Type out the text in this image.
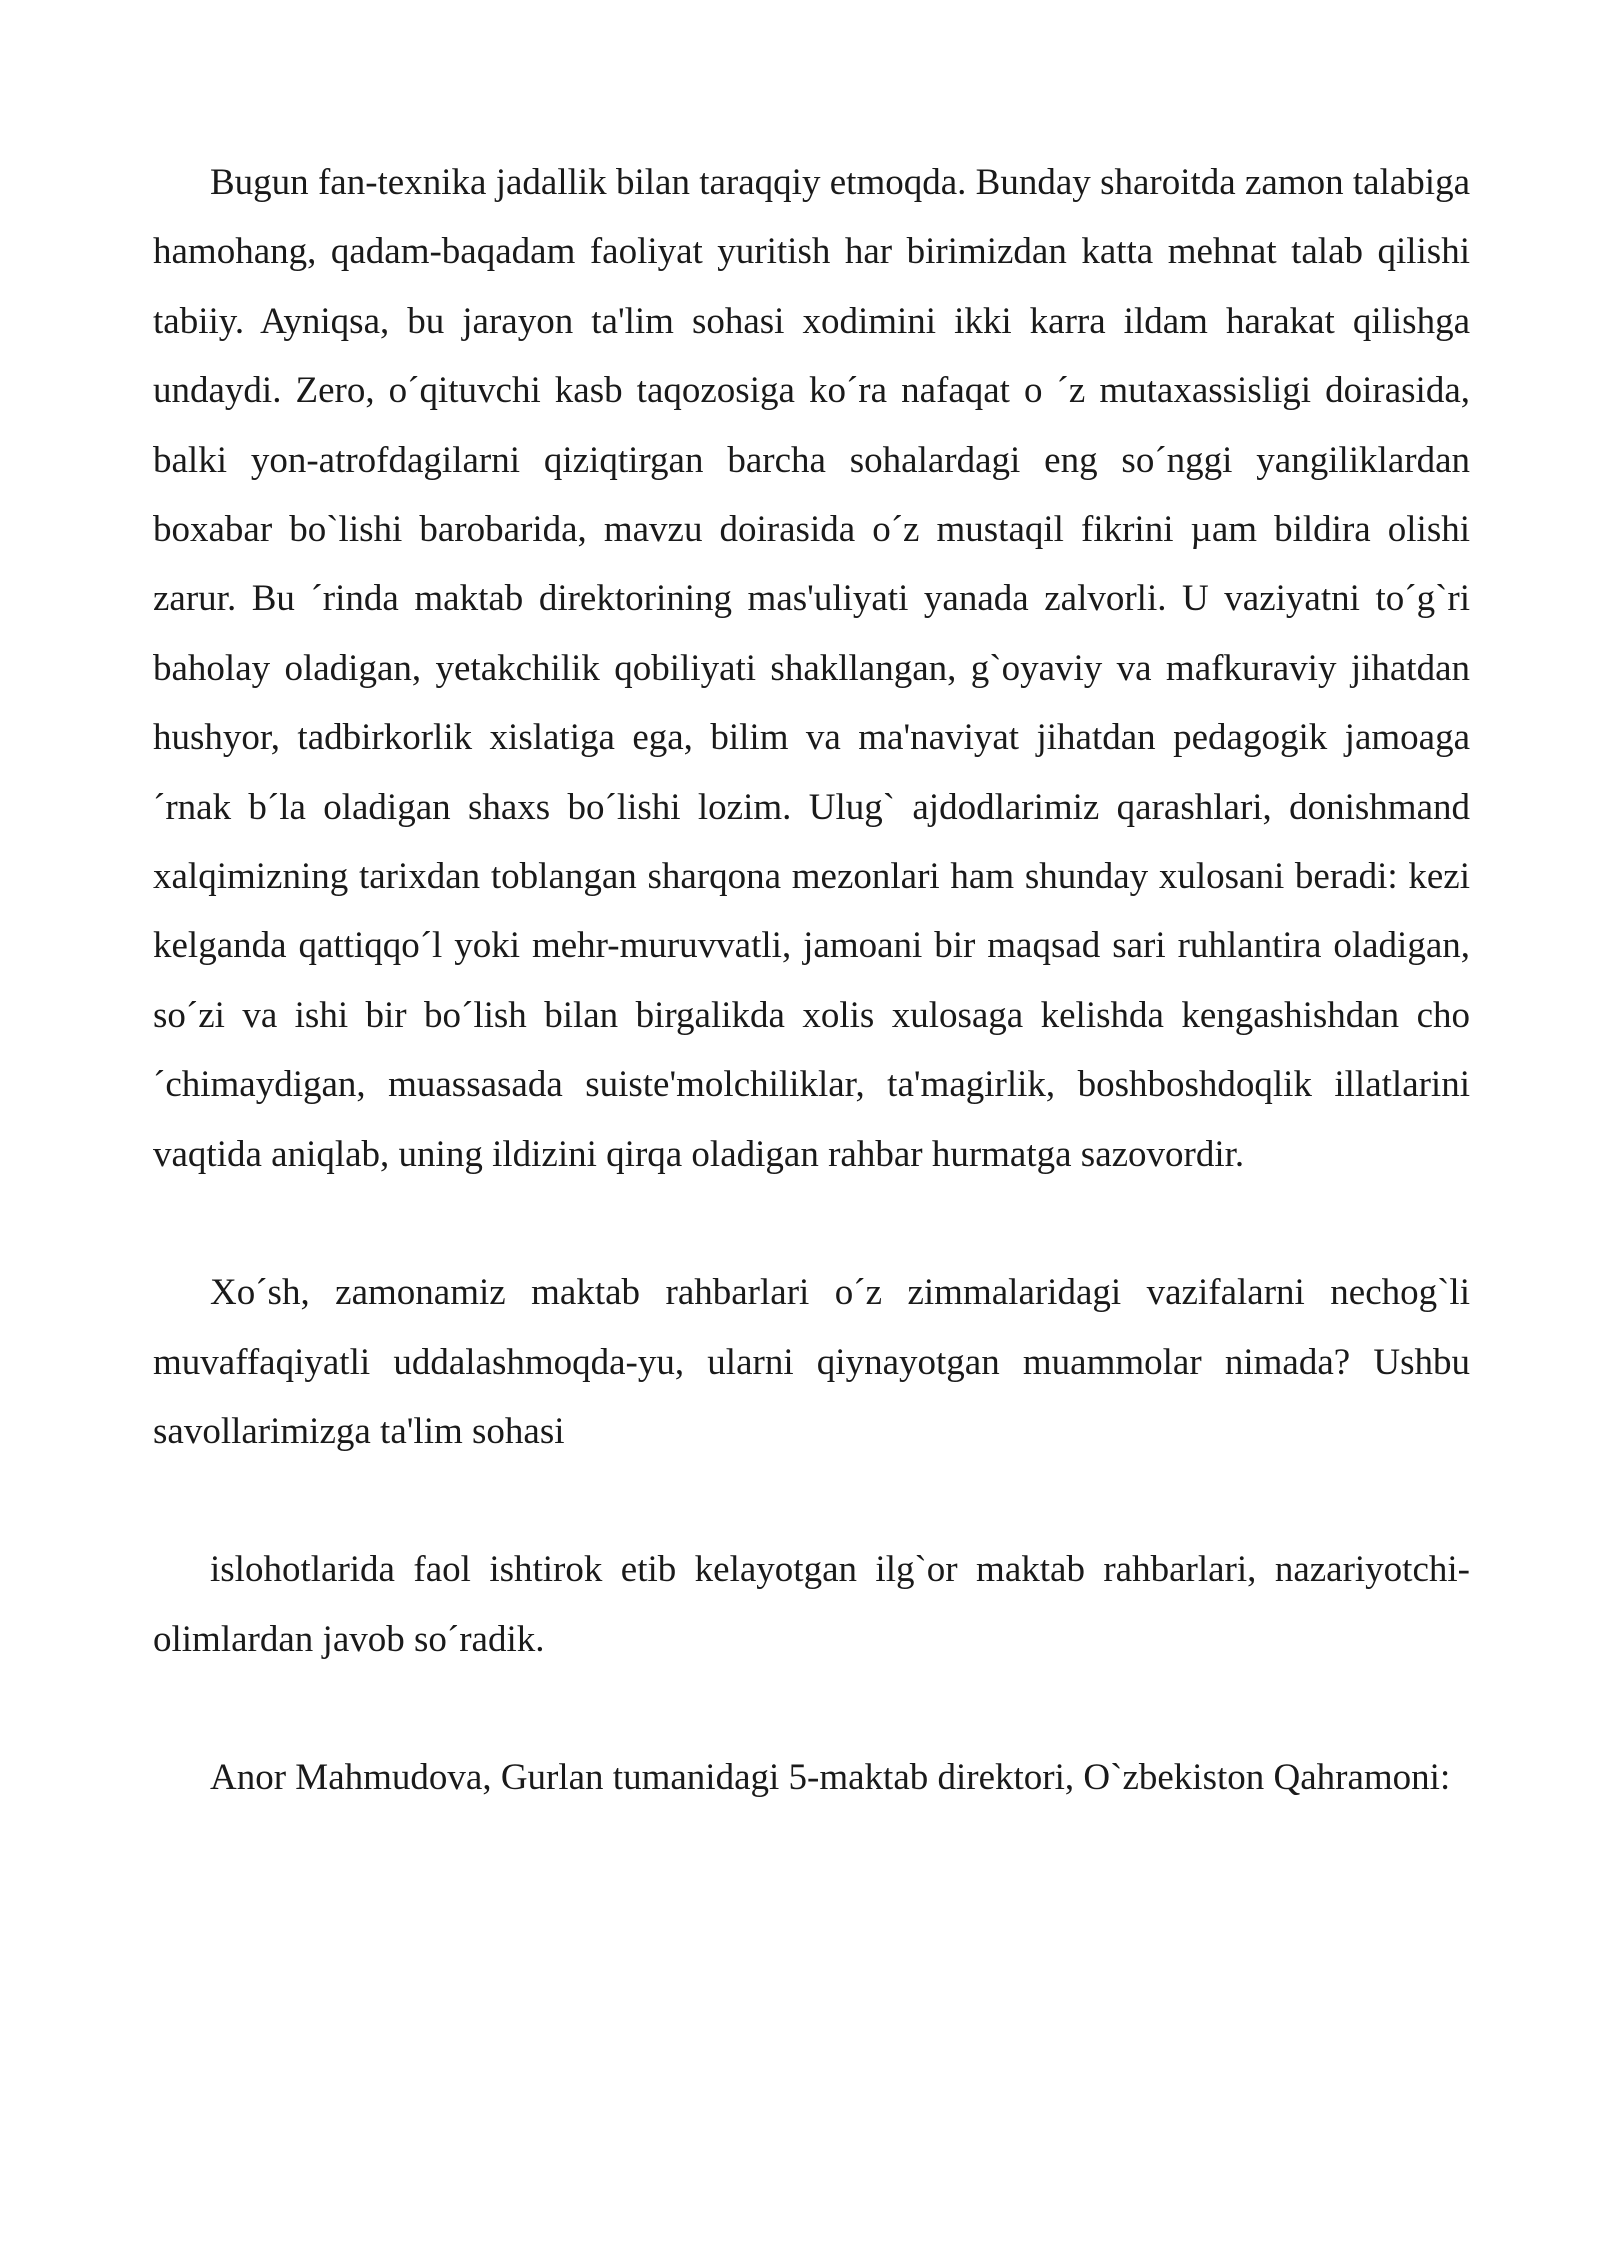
Bugun fan-texnika jadallik bilan taraqqiy etmoqda. Bunday sharoitda zamon talabiga hamohang, qadam-baqadam faoliyat yuritish har birimizdan katta mehnat talab qilishi tabiiy. Ayniqsa, bu jarayon ta'lim sohasi xodimini ikki karra ildam harakat qilishga undaydi. Zero, o´qituvchi kasb taqozosiga ko´ra nafaqat o ´z mutaxassisligi doirasida, balki yon-atrofdagilarni qiziqtirgan barcha sohalardagi eng so´nggi yangiliklardan boxabar bo`lishi barobarida, mavzu doirasida o´z mustaqil fikrini µam bildira olishi zarur. Bu ´rinda maktab direktorining mas'uliyati yanada zalvorli. U vaziyatni to´g`ri baholay oladigan, yetakchilik qobiliyati shakllangan, g`oyaviy va mafkuraviy jihatdan hushyor, tadbirkorlik xislatiga ega, bilim va ma'naviyat jihatdan pedagogik jamoaga ´rnak b´la oladigan shaxs bo´lishi lozim. Ulug` ajdodlarimiz qarashlari, donishmand xalqimizning tarixdan toblangan sharqona mezonlari ham shunday xulosani beradi: kezi kelganda qattiqqo´l yoki mehr-muruvvatli, jamoani bir maqsad sari ruhlantira oladigan, so´zi va ishi bir bo´lish bilan birgalikda xolis xulosaga kelishda kengashishdan cho´chimaydigan, muassasada suiste'molchiliklar, ta'magirlik, boshboshdoqlik illatlarini vaqtida aniqlab, uning ildizini qirqa oladigan rahbar hurmatga sazovordir.

Xo´sh, zamonamiz maktab rahbarlari o´z zimmalaridagi vazifalarni nechog`li muvaffaqiyatli uddalashmoqda-yu, ularni qiynayotgan muammolar nimada? Ushbu savollarimizga ta'lim sohasi

islohotlarida faol ishtirok etib kelayotgan ilg`or maktab rahbarlari, nazariyotchi-olimlardan javob so´radik.

Anor Mahmudova, Gurlan tumanidagi 5-maktab direktori, O`zbekiston Qahramoni:
